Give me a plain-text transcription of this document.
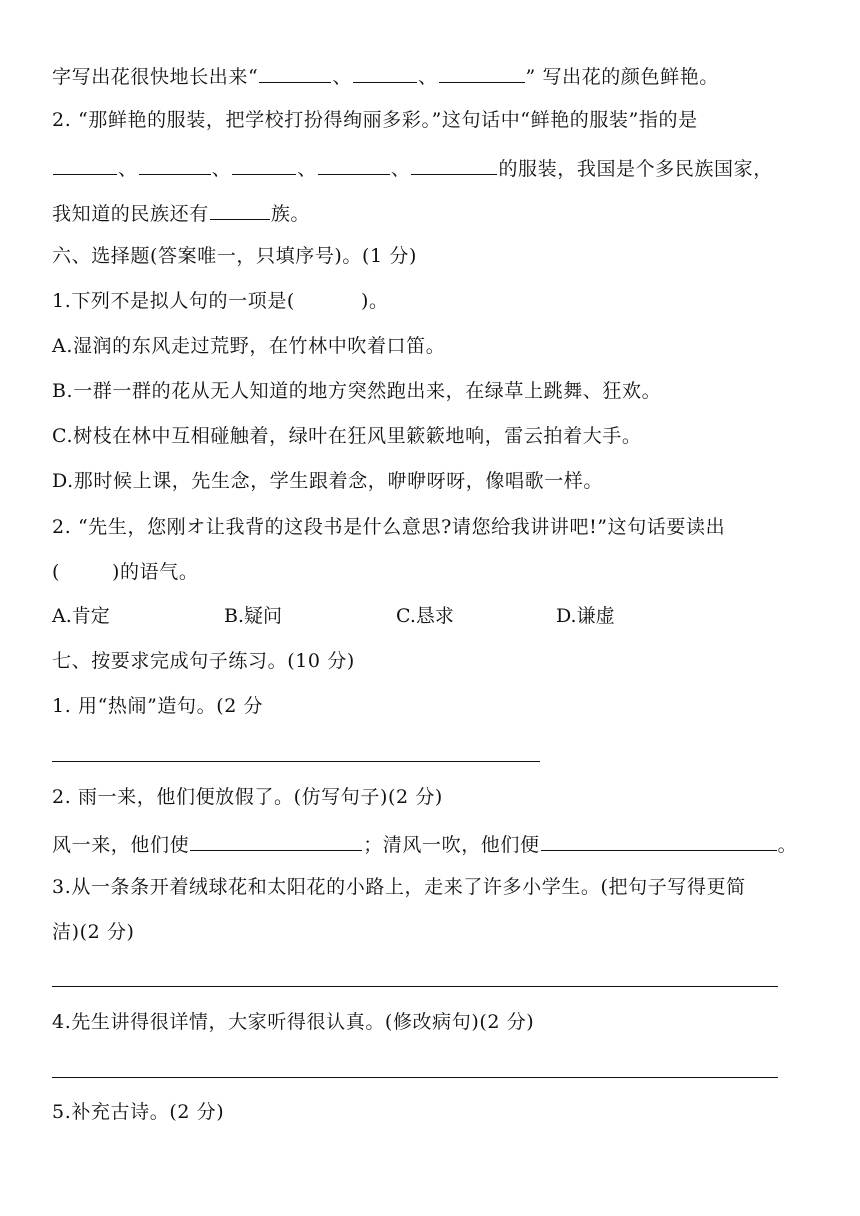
字写出花很快地长出来“	、	、	” 写出花的颜色鲜艳。
2. “那鲜艳的服装，把学校打扮得绚丽多彩。”这句话中“鲜艳的服装”指的是
、	、	、	、	的服装，我国是个多民族国家，
我知道的民族还有	族。
六、选择题(答案唯一，只填序号)。(1 分)
1.下列不是拟人句的一项是(	)。
A.湿润的东风走过荒野，在竹林中吹着口笛。
B.一群一群的花从无人知道的地方突然跑出来，在绿草上跳舞、狂欢。
C.树枝在林中互相碰触着，绿叶在狂风里簌簌地响，雷云拍着大手。
D.那时候上课，先生念，学生跟着念，咿咿呀呀，像唱歌一样。
2. “先生，您刚オ让我背的这段书是什么意思?请您给我讲讲吧!”这句话要读出
(	)的语气。
A.肯定	B.疑问	C.恳求	D.谦虚
七、按要求完成句子练习。(10 分)
1. 用“热闹”造句。(2 分
2. 雨一来，他们便放假了。(仿写句子)(2 分)
风一来，他们使	；清风一吹，他们便	。
3.从一条条开着绒球花和太阳花的小路上，走来了许多小学生。(把句子写得更简
洁)(2 分)
4.先生讲得很详情，大家听得很认真。(修改病句)(2 分)
5.补充古诗。(2 分)
